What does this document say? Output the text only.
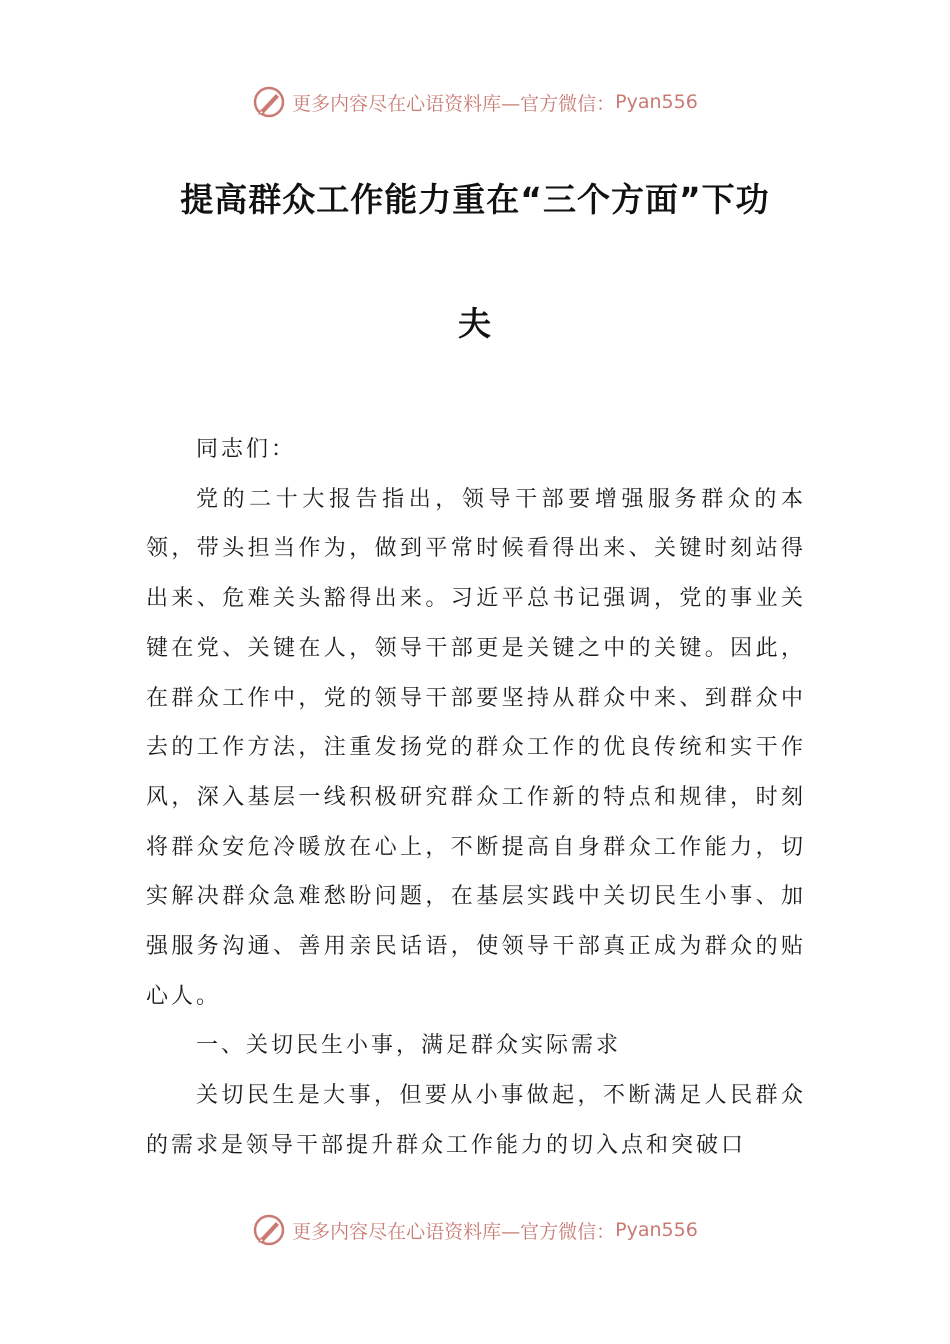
更多内容尽在心语资料库—官方微信： Pyan556
提高群众工作能力重在“三个方面”下功
夫

同志们：

党的二十大报告指出，领导干部要增强服务群众的本领，带头担当作为，做到平常时候看得出来、关键时刻站得出来、危难关头豁得出来。习近平总书记强调，党的事业关键在党、关键在人，领导干部更是关键之中的关键。因此，在群众工作中，党的领导干部要坚持从群众中来、到群众中去的工作方法，注重发扬党的群众工作的优良传统和实干作风，深入基层一线积极研究群众工作新的特点和规律，时刻将群众安危冷暖放在心上，不断提高自身群众工作能力，切实解决群众急难愁盼问题，在基层实践中关切民生小事、加强服务沟通、善用亲民话语，使领导干部真正成为群众的贴心人。

一、关切民生小事，满足群众实际需求

关切民生是大事，但要从小事做起，不断满足人民群众的需求是领导干部提升群众工作能力的切入点和突破口

更多内容尽在心语资料库—官方微信： Pyan556
